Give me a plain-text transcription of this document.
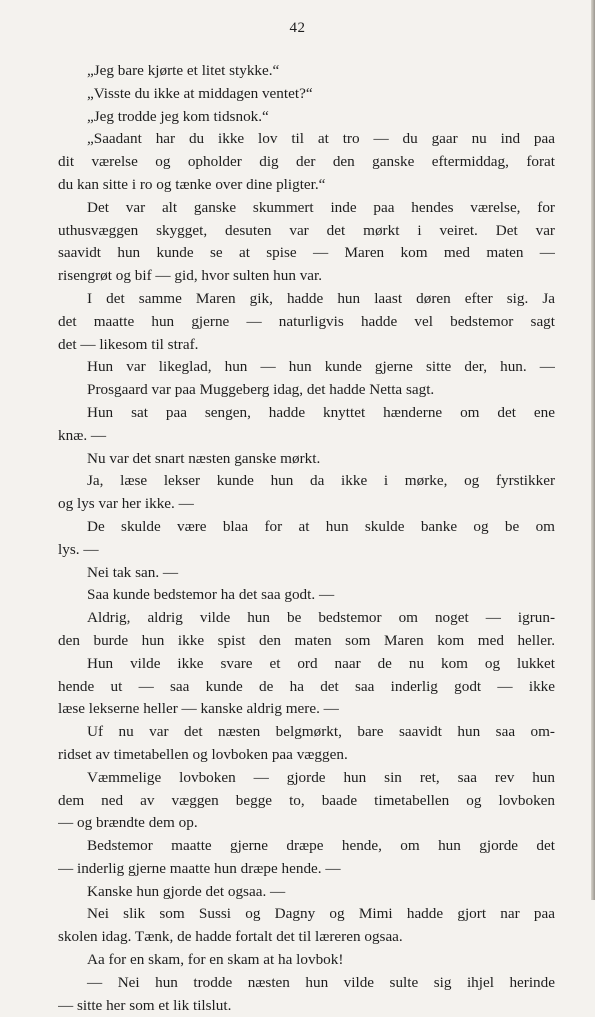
42
„Jeg bare kjørte et litet stykke.“
„Visste du ikke at middagen ventet?“
„Jeg trodde jeg kom tidsnok.“
„Saadant har du ikke lov til at tro — du gaar nu ind paa
dit værelse og opholder dig der den ganske eftermiddag, forat
du kan sitte i ro og tænke over dine pligter.“
Det var alt ganske skummert inde paa hendes værelse, for
uthusvæggen skygget, desuten var det mørkt i veiret. Det var
saavidt hun kunde se at spise — Maren kom med maten —
risengrøt og bif — gid, hvor sulten hun var.
I det samme Maren gik, hadde hun laast døren efter sig. Ja
det maatte hun gjerne — naturligvis hadde vel bedstemor sagt
det — likesom til straf.
Hun var likeglad, hun — hun kunde gjerne sitte der, hun. —
Prosgaard var paa Muggeberg idag, det hadde Netta sagt.
Hun sat paa sengen, hadde knyttet hænderne om det ene
knæ. —
Nu var det snart næsten ganske mørkt.
Ja, læse lekser kunde hun da ikke i mørke, og fyrstikker
og lys var her ikke. —
De skulde være blaa for at hun skulde banke og be om
lys. —
Nei tak san. —
Saa kunde bedstemor ha det saa godt. —
Aldrig, aldrig vilde hun be bedstemor om noget — igrun-
den burde hun ikke spist den maten som Maren kom med heller.
Hun vilde ikke svare et ord naar de nu kom og lukket
hende ut — saa kunde de ha det saa inderlig godt — ikke
læse lekserne heller — kanske aldrig mere. —
Uf nu var det næsten belgmørkt, bare saavidt hun saa om-
ridset av timetabellen og lovboken paa væggen.
Væmmelige lovboken — gjorde hun sin ret, saa rev hun
dem ned av væggen begge to, baade timetabellen og lovboken
— og brændte dem op.
Bedstemor maatte gjerne dræpe hende, om hun gjorde det
— inderlig gjerne maatte hun dræpe hende. —
Kanske hun gjorde det ogsaa. —
Nei slik som Sussi og Dagny og Mimi hadde gjort nar paa
skolen idag. Tænk, de hadde fortalt det til læreren ogsaa.
Aa for en skam, for en skam at ha lovbok!
— Nei hun trodde næsten hun vilde sulte sig ihjel herinde
— sitte her som et lik tilslut.
